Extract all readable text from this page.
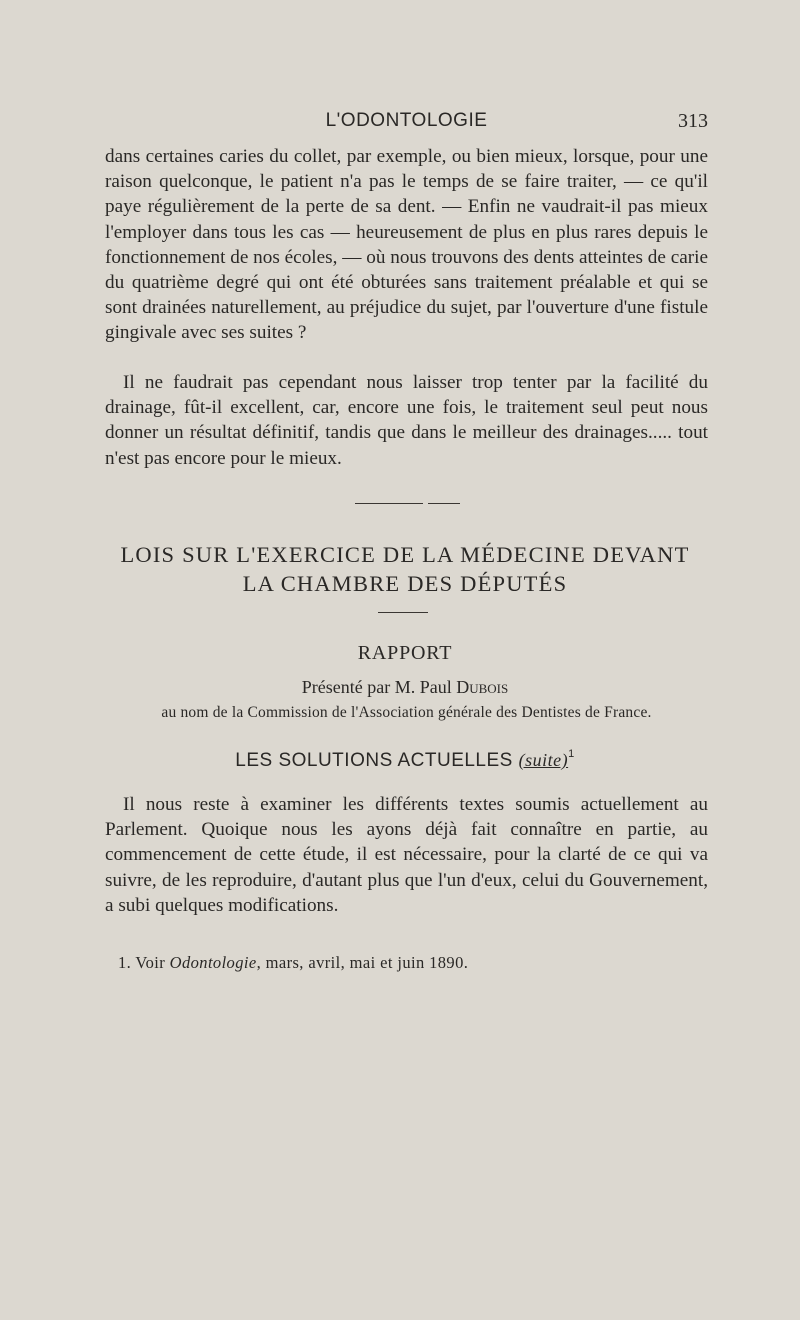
L'ODONTOLOGIE	313

dans certaines caries du collet, par exemple, ou bien mieux, lorsque, pour une raison quelconque, le patient n'a pas le temps de se faire traiter, — ce qu'il paye régulièrement de la perte de sa dent. — Enfin ne vaudrait-il pas mieux l'employer dans tous les cas — heureusement de plus en plus rares depuis le fonctionnement de nos écoles, — où nous trouvons des dents atteintes de carie du quatrième degré qui ont été obturées sans traitement préalable et qui se sont drainées naturellement, au préjudice du sujet, par l'ouverture d'une fistule gingivale avec ses suites ?

Il ne faudrait pas cependant nous laisser trop tenter par la facilité du drainage, fût-il excellent, car, encore une fois, le traitement seul peut nous donner un résultat définitif, tandis que dans le meilleur des drainages..... tout n'est pas encore pour le mieux.

LOIS SUR L'EXERCICE DE LA MÉDECINE DEVANT
LA CHAMBRE DES DÉPUTÉS
RAPPORT
Présenté par M. Paul Dubois
au nom de la Commission de l'Association générale des Dentistes de France.
LES SOLUTIONS ACTUELLES (suite)$^1$

Il nous reste à examiner les différents textes soumis actuellement au Parlement. Quoique nous les ayons déjà fait connaître en partie, au commencement de cette étude, il est nécessaire, pour la clarté de ce qui va suivre, de les reproduire, d'autant plus que l'un d'eux, celui du Gouvernement, a subi quelques modifications.

1. Voir Odontologie, mars, avril, mai et juin 1890.
